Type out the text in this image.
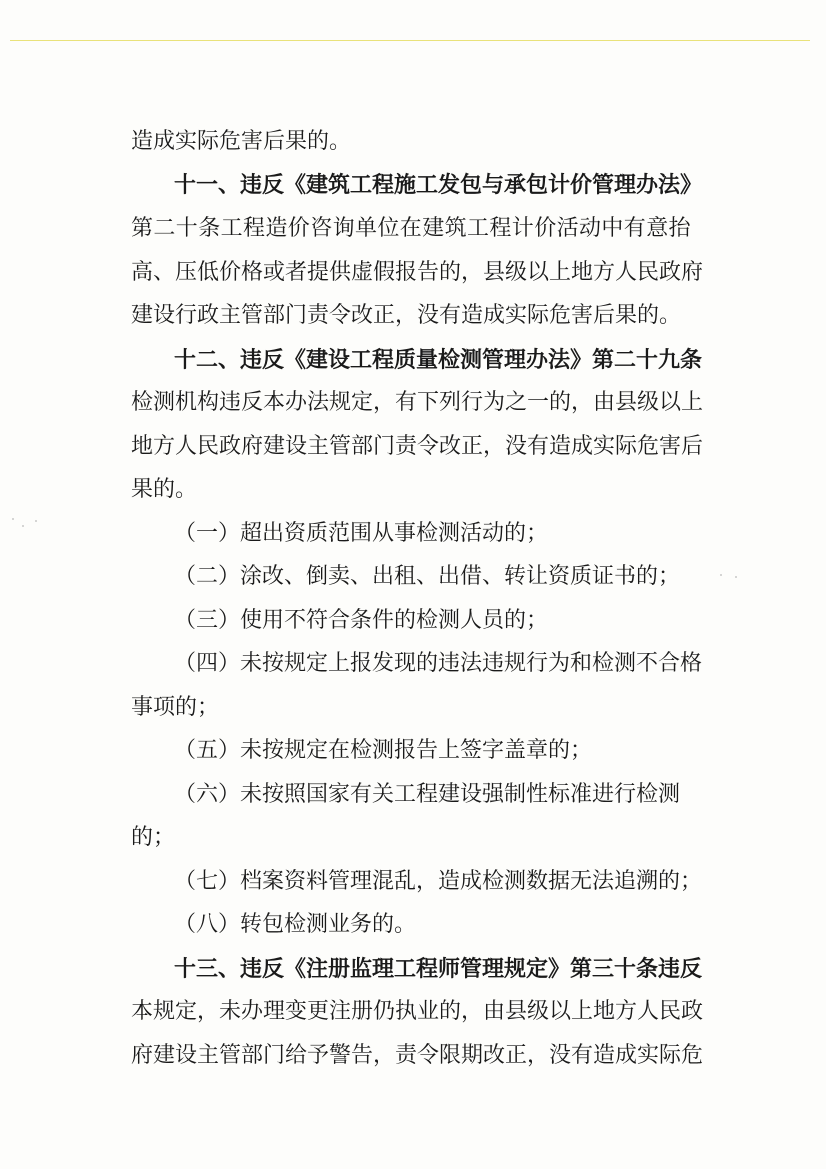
造成实际危害后果的。
十一、违反《建筑工程施工发包与承包计价管理办法》
第二十条工程造价咨询单位在建筑工程计价活动中有意抬
高、压低价格或者提供虚假报告的，县级以上地方人民政府
建设行政主管部门责令改正，没有造成实际危害后果的。
十二、违反《建设工程质量检测管理办法》第二十九条
检测机构违反本办法规定，有下列行为之一的，由县级以上
地方人民政府建设主管部门责令改正，没有造成实际危害后
果的。
（一）超出资质范围从事检测活动的；
（二）涂改、倒卖、出租、出借、转让资质证书的；
（三）使用不符合条件的检测人员的；
（四）未按规定上报发现的违法违规行为和检测不合格
事项的；
（五）未按规定在检测报告上签字盖章的；
（六）未按照国家有关工程建设强制性标准进行检测
的；
（七）档案资料管理混乱，造成检测数据无法追溯的；
（八）转包检测业务的。
十三、违反《注册监理工程师管理规定》第三十条违反
本规定，未办理变更注册仍执业的，由县级以上地方人民政
府建设主管部门给予警告，责令限期改正，没有造成实际危
